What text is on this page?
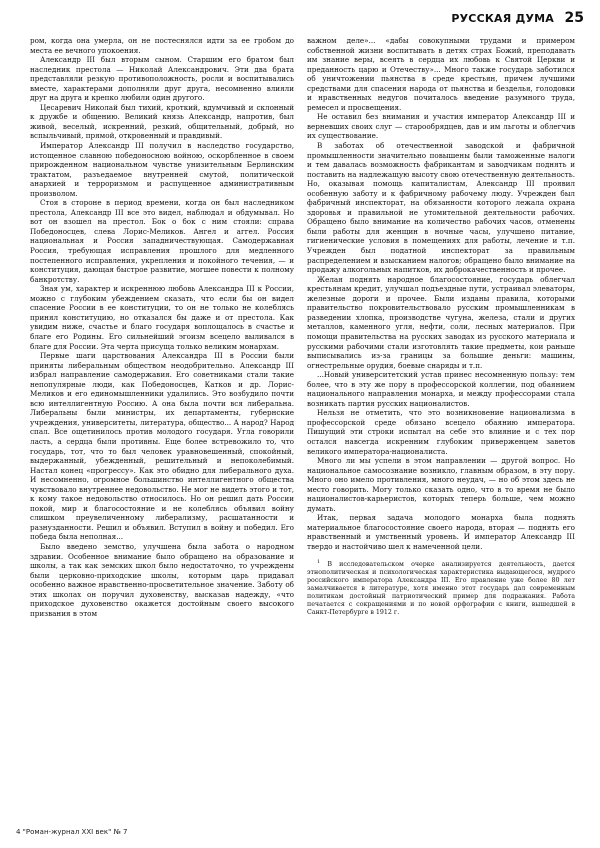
РУССКАЯ ДУМА 25

ром, когда она умерла, он не постеснялся идти за ее гробом до места ее вечного упокоения.

Александр III был вторым сыном. Старшим его братом был наследник престола — Николай Александрович. Эти два брата представляли резкую противоположность, росли и воспитывались вместе, характерами дополняли друг друга, несомненно влияли друг на друга и крепко любили один другого.

Цесаревич Николай был тихий, кроткий, вдумчивый и склонный к дружбе и общению. Великий князь Александр, напротив, был живой, веселый, искренний, резкий, общительный, добрый, но вспыльчивый, прямой, откровенный и правдивый.

Император Александр III получил в наследство государство, истощенное славною победоносною войною, оскорбленное в своем прирожденном национальном чувстве унизительным Берлинским трактатом, разъедаемое внутренней смутой, политической анархией и терроризмом и распущенное административным произволом.

Стоя в стороне в период времени, когда он был наследником престола, Александр III все это видел, наблюдал и обдумывал. Но вот он взошел на престол. Бок о бок с ним стояли: справа Победоносцев, слева Лорис-Меликов. Ангел и аггел. Россия национальная и Россия западничествующая. Самодержавная Россия, требующая исправления прошлого для медленного постепенного исправления, укрепления и покойного течения, — и конституция, дающая быстрое развитие, могшее повести к полному банкротству.

Зная ум, характер и искреннюю любовь Александра III к России, можно с глубоким убеждением сказать, что если бы он видел спасение России в ее конституции, то он не только не колеблясь принял конституцию, но отказался бы даже и от престола. Как увидим ниже, счастье и благо государя воплощалось в счастье и благе его Родины. Его сильнейший эгоизм всецело выливался в благе для России. Эта черта присуща только великим монархам.

Первые шаги царствования Александра III в России были приняты либеральным обществом неодобрительно. Александр III избрал направление самодержавия. Его советниками стали такие непопулярные люди, как Победоносцев, Катков и др. Лорис-Меликов и его единомышленники удалились. Это возбудило почти всю интеллигентную Россию. А она была почти вся либеральна. Либеральны были министры, их департаменты, губернские учреждения, университеты, литература, общество... А народ? Народ спал. Все ощетинилось против молодого государя. Угла говорили ласть, а сердца были противны. Еще более встревожило то, что государь, тот, что то был человек уравновешенный, спокойный, выдержанный, убежденный, решительный и непоколебимый. Настал конец «прогрессу». Как это обидно для либерального духа. И несомненно, огромное большинство интеллигентного общества чувствовало внутреннее недовольство. Не мог не видеть этого и тот, к кому такое недовольство относилось. Но он решил дать России покой, мир и благосостояние и не колеблясь объявил войну слишком преувеличенному либерализму, расшатанности и разнузданности. Решил и объявил. Вступил в войну и победил. Его победа была неполная...

Было введено земство, улучшена была забота о народном здравии. Особенное внимание было обращено на образование и школы, а так как земских школ было недостаточно, то учреждены были церковно-приходские школы, которым царь придавал особенно важное нравственно-просветительное значение. Заботу об этих школах он поручил духовенству, высказав надежду, «что приходское духовенство окажется достойным своего высокого призвания в этом

важном деле»... «дабы совокупными трудами и примером собственной жизни воспитывать в детях страх Божий, преподавать им знание веры, всеять в сердца их любовь к Святой Церкви и преданность царю и Отечеству»... Много также государь заботился об уничтожении пьянства в среде крестьян, причем лучшими средствами для спасения народа от пьянства и безделья, голодовки и нравственных недугов почиталось введение разумного труда, ремесел и просвещения.

Не оставил без внимания и участия император Александр III и верневших своих слуг — старообрядцев, дав и им льготы и облегчив их существование.

В заботах об отечественной заводской и фабричной промышленности значительно повышены были таможенные налоги и тем давалась возможность фабрикантам и заводчикам поднять и поставить на надлежащую высоту свою отечественную деятельность. Но, оказывая помощь капиталистам, Александр III проявил особенную заботу и к фабричному рабочему люду. Учрежден был фабричный инспекторат, на обязанности которого лежала охрана здоровья и правильной не утомительной деятельности рабочих. Обращено было внимание на количество рабочих часов, отменены были работы для женщин в ночные часы, улучшено питание, гигиенические условия в помещениях для работы, лечение и т.п. Учрежден был податной инспекторат за правильным распределением и взысканием налогов; обращено было внимание на продажу алкогольных напитков, их доброкачественность и прочее.

Желая поднять народное благосостояние, государь облегчал крестьянам кредит, улучшал подъездные пути, устраивал элеваторы, железные дороги и прочее. Были изданы правила, которыми правительство покровительствовало русским промышленникам в разведении хлопка, производстве чугуна, железа, стали и других металлов, каменного угля, нефти, соли, лесных материалов. При помощи правительства на русских заводах из русского материала и русскими рабочими стали изготовлять такие предметы, кои раньше выписывались из-за границы за большие деньги: машины, огнестрельные орудия, боевые снаряды и т.п.

...Новый университетский устав принес несомненную пользу: тем более, что в эту же пору в профессорской коллегии, под обаянием национального направления монарха, и между профессорами стала возникать партия русских националистов.

Нельзя не отметить, что это возникновение национализма в профессорской среде обязано всецело обаянию императора. Пишущий эти строки испытал на себе это влияние и с тех пор остался навсегда искренним глубоким приверженцем заветов великого императора-националиста.

Много ли мы успели в этом направлении — другой вопрос. Но национальное самосознание возникло, главным образом, в эту пору. Много оно имело противления, много неудач, — но об этом здесь не место говорить. Могу только сказать одно, что в то время не было националистов-карьеристов, которых теперь больше, чем можно думать.

Итак, первая задача молодого монарха была поднять материальное благосостояние своего народа, вторая — поднять его нравственный и умственный уровень. И император Александр III твердо и настойчиво шел к намеченной цели.

$^1$ В исследовательском очерке анализируется деятельность, дается этнополитическая и психологическая характеристика выдающегося, мудрого российского императора Александра III. Его правление уже более 80 лет замалчивается в литературе, хотя именно этот государь дал современным политикам достойный патриотический пример для подражания. Работа печатается с сокращениями и по новой орфографии с книги, вышедшей в Санкт-Петербурге в 1912 г.

4 "Роман-журнал XXI век" № 7
